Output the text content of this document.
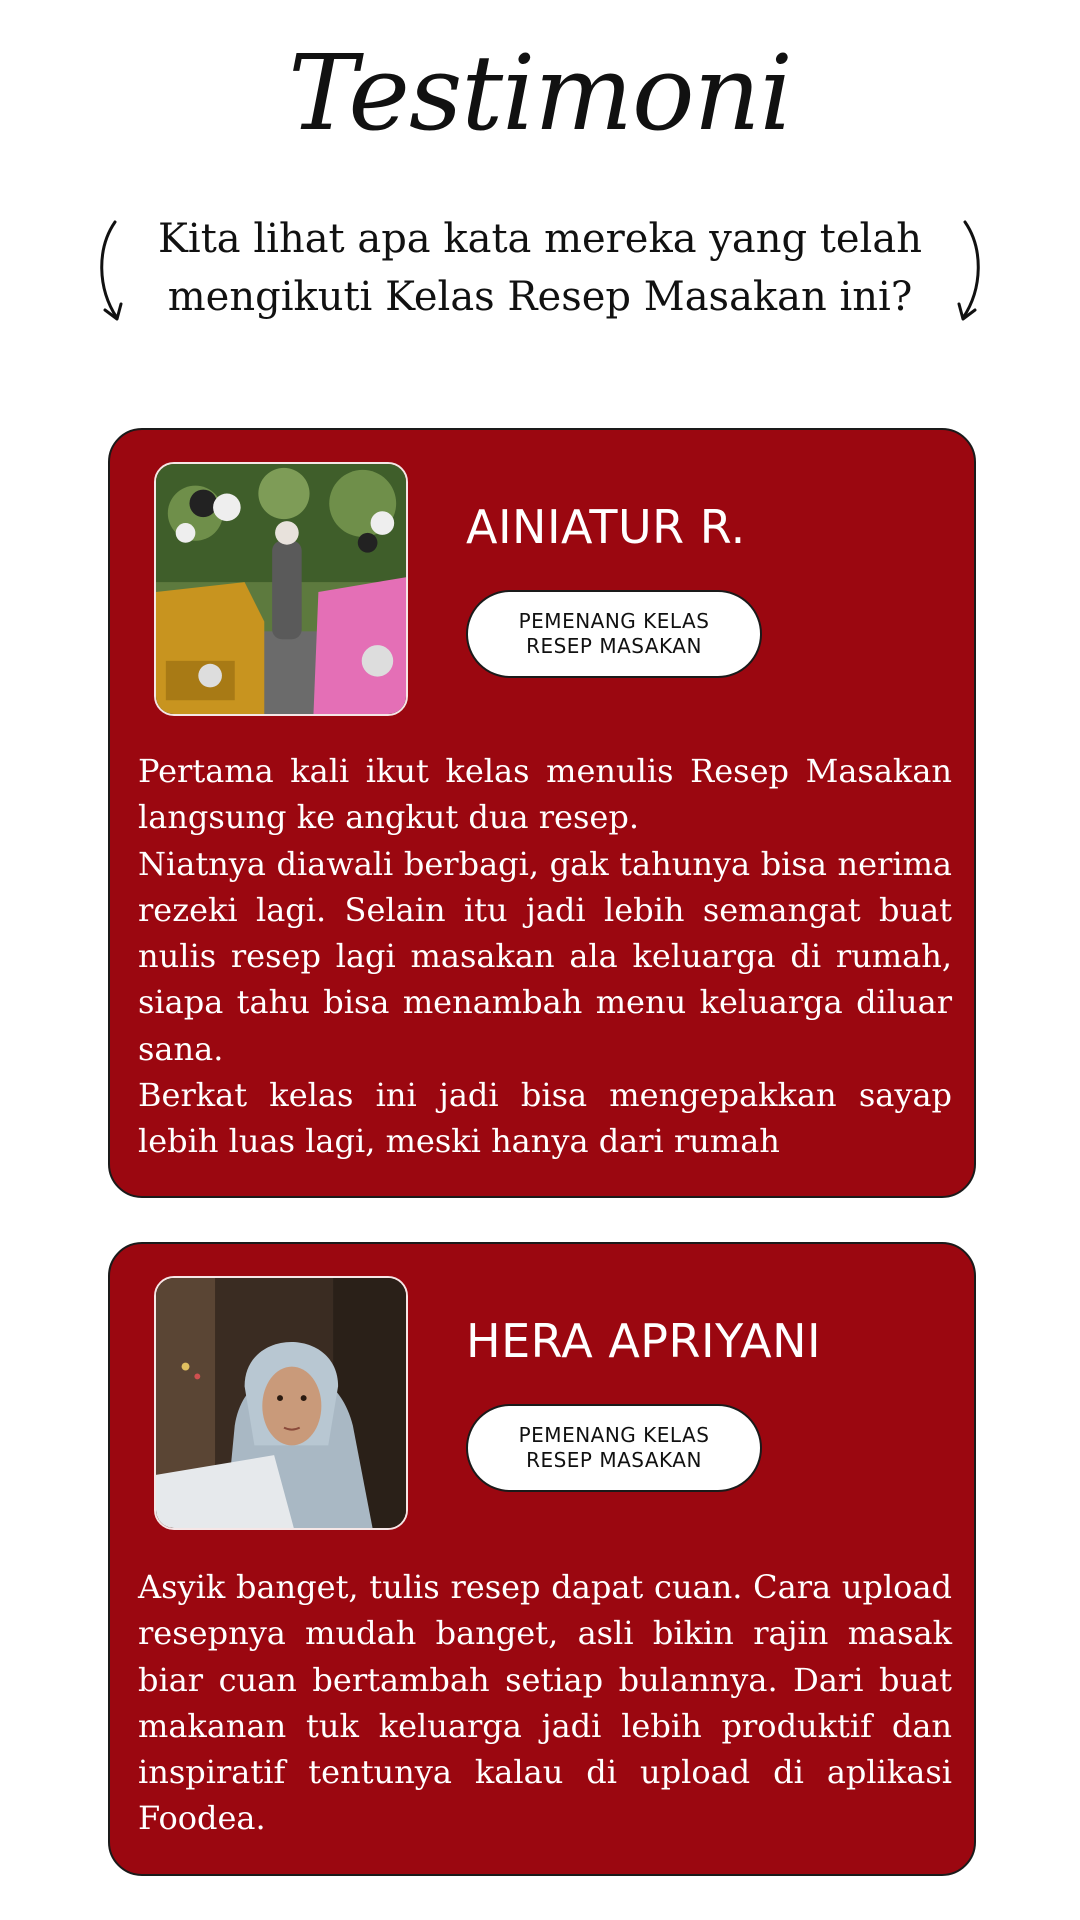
Testimoni
Kita lihat apa kata mereka yang telah mengikuti Kelas Resep Masakan ini?
AINIATUR R.
PEMENANG KELAS
RESEP MASAKAN

Pertama kali ikut kelas menulis Resep Masakan langsung ke angkut dua resep.

Niatnya diawali berbagi, gak tahunya bisa nerima rezeki lagi. Selain itu jadi lebih semangat buat nulis resep lagi masakan ala keluarga di rumah, siapa tahu bisa menambah menu keluarga diluar sana.

Berkat kelas ini jadi bisa mengepakkan sayap lebih luas lagi, meski hanya dari rumah

HERA APRIYANI
PEMENANG KELAS
RESEP MASAKAN

Asyik banget, tulis resep dapat cuan. Cara upload resepnya mudah banget, asli bikin rajin masak biar cuan bertambah setiap bulannya. Dari buat makanan tuk keluarga jadi lebih produktif dan inspiratif tentunya kalau di upload di aplikasi Foodea.
